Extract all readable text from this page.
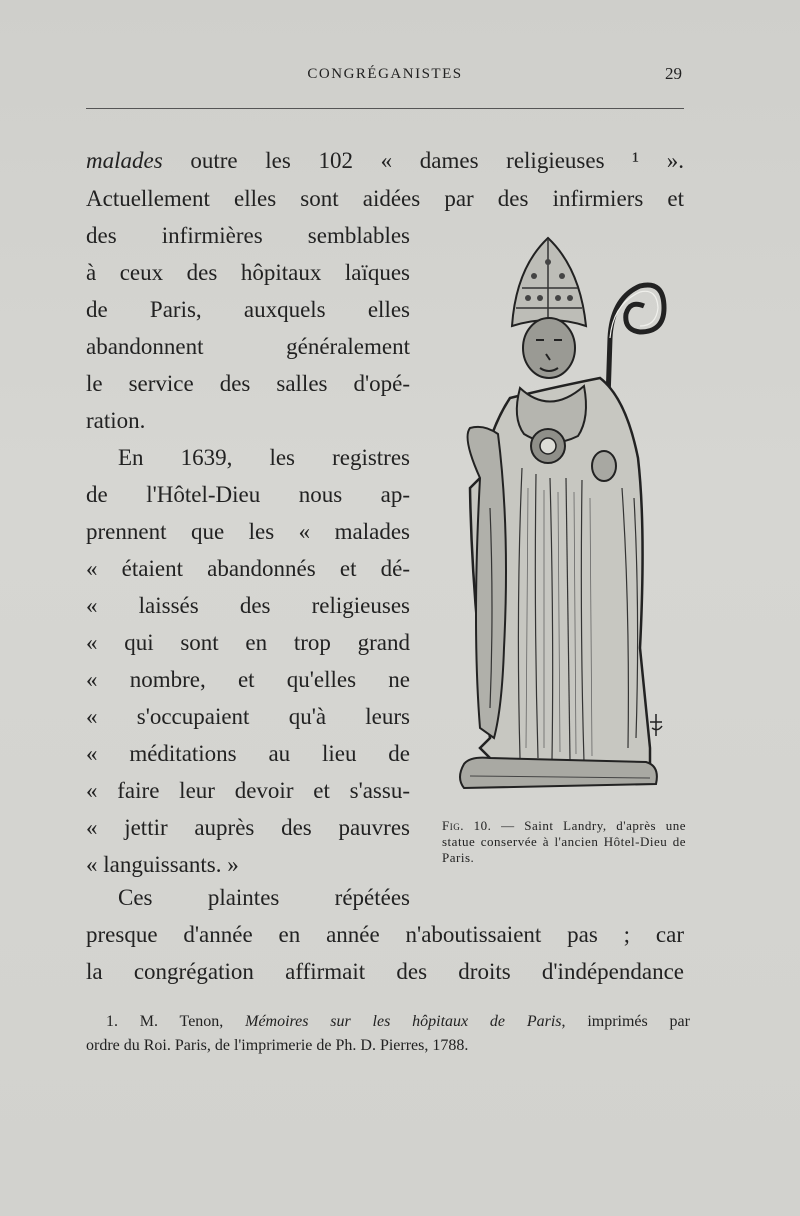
CONGRÉGANISTES	29
malades outre les 102 « dames religieuses ¹ ».
Actuellement elles sont aidées par des infirmiers et
des infirmières semblables
à ceux des hôpitaux laïques
de Paris, auxquels elles
abandonnent généralement
le service des salles d'opé-
ration.
En 1639, les registres
de l'Hôtel-Dieu nous ap-
prennent que les « malades
« étaient abandonnés et dé-
« laissés des religieuses
« qui sont en trop grand
« nombre, et qu'elles ne
« s'occupaient qu'à leurs
« méditations au lieu de
« faire leur devoir et s'assu-
« jettir auprès des pauvres
« languissants. »
Ces plaintes répétées
presque d'année en année n'aboutissaient pas ; car
la congrégation affirmait des droits d'indépendance
Fig. 10. — Saint Landry, d'après une statue conservée à l'ancien Hôtel-Dieu de Paris.
1. M. Tenon, Mémoires sur les hôpitaux de Paris, imprimés par
ordre du Roi. Paris, de l'imprimerie de Ph. D. Pierres, 1788.
